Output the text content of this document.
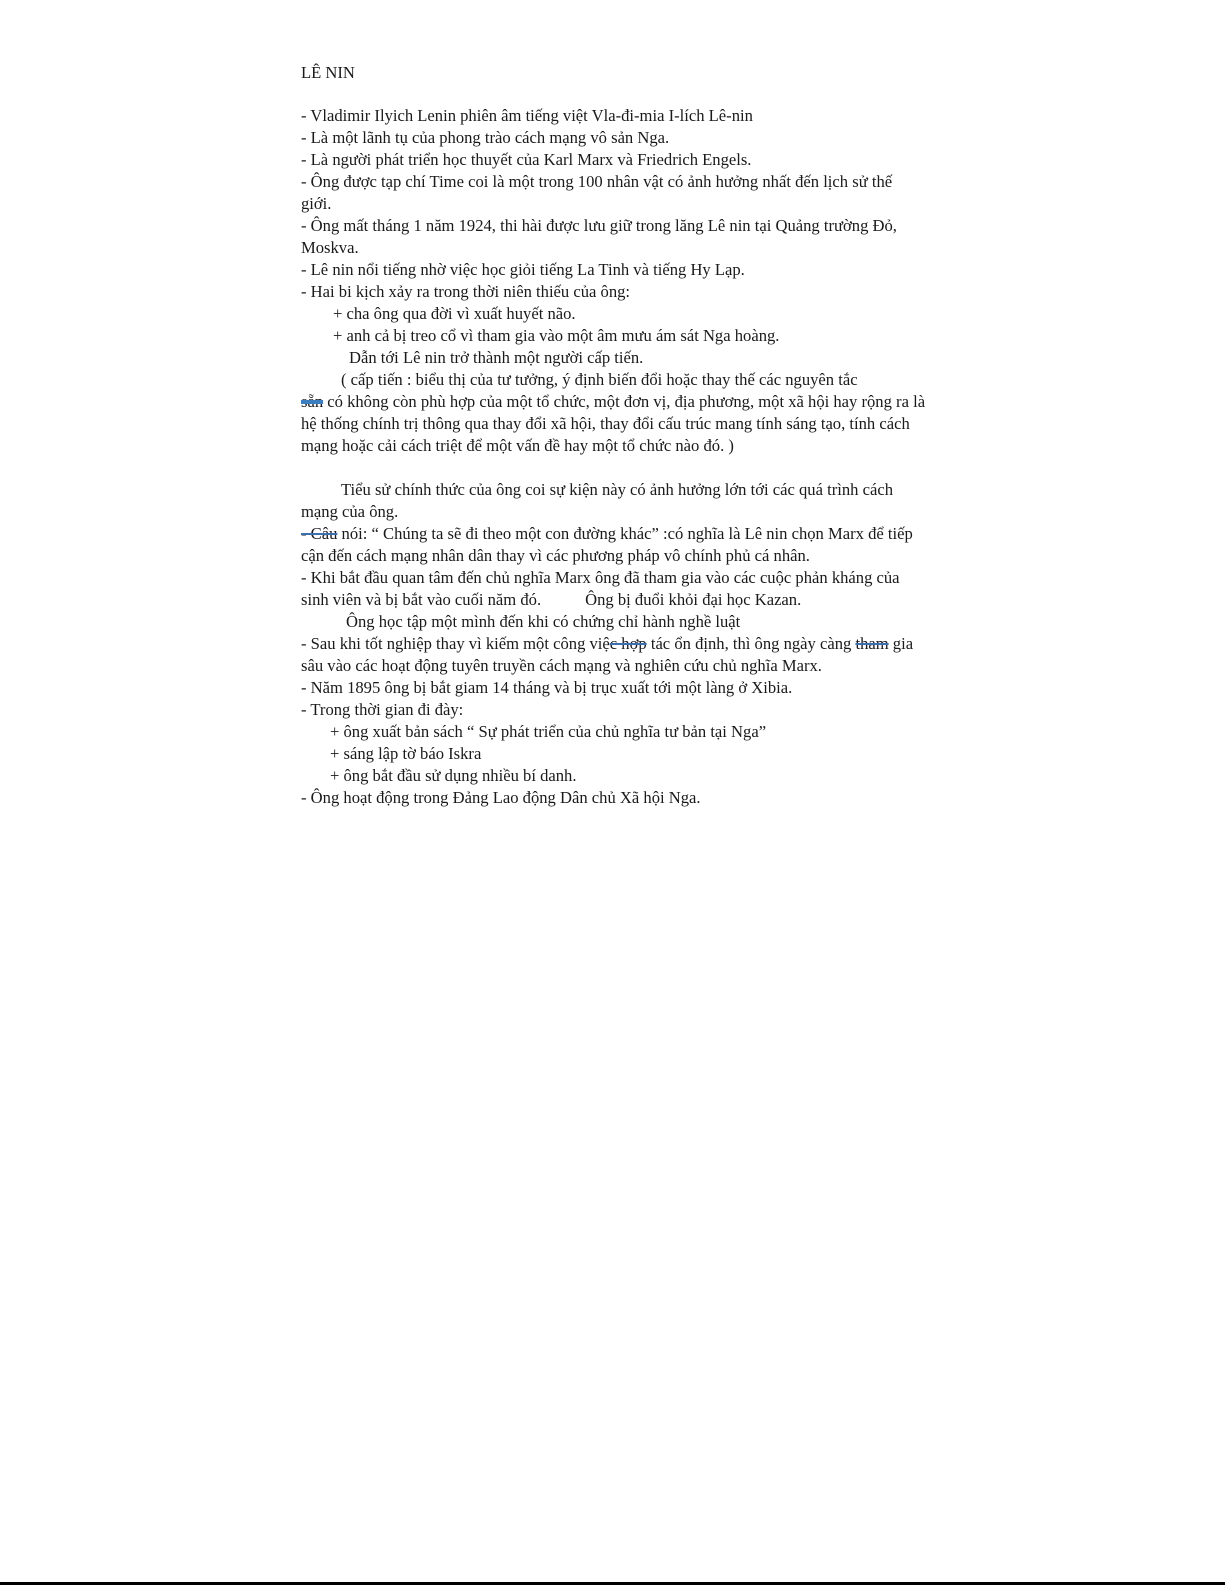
LÊ NIN

- Vladimir Ilyich Lenin phiên âm tiếng việt Vla-đi-mia I-lích Lê-nin

- Là một lãnh tụ của phong trào cách mạng vô sản Nga.

- Là người phát triển học thuyết của Karl Marx và Friedrich Engels.

- Ông được tạp chí Time coi là một trong 100 nhân vật có ảnh hưởng nhất đến lịch sử thế giới.

- Ông mất tháng 1 năm 1924, thi hài được lưu giữ trong lăng Lê nin tại Quảng trường Đỏ, Moskva.

- Lê nin nổi tiếng nhờ việc học giỏi tiếng La Tinh và tiếng Hy Lạp.

- Hai bi kịch xảy ra trong thời niên thiếu của ông:

+ cha ông qua đời vì xuất huyết não.

+ anh cả bị treo cổ vì tham gia vào một âm mưu ám sát Nga hoàng.

Dẫn tới Lê nin trở thành một người cấp tiến.

( cấp tiến : biểu thị của tư tưởng, ý định biến đổi hoặc thay thế các nguyên tắc

sẵn có không còn phù hợp của một tổ chức, một đơn vị, địa phương, một xã hội hay rộng ra là hệ thống chính trị thông qua thay đổi xã hội, thay đổi cấu trúc mang tính sáng tạo, tính cách mạng hoặc cải cách triệt để một vấn đề hay một tổ chức nào đó. )

Tiểu sử chính thức của ông coi sự kiện này có ảnh hưởng lớn tới các quá trình cách mạng của ông.

- Câu nói: “ Chúng ta sẽ đi theo một con đường khác” :có nghĩa là Lê nin chọn Marx để tiếp cận đến cách mạng nhân dân thay vì các phương pháp vô chính phủ cá nhân.

- Khi bắt đầu quan tâm đến chủ nghĩa Marx ông đã tham gia vào các cuộc phản kháng của sinh viên và bị bắt vào cuối năm đó.	Ông bị đuổi khỏi đại học Kazan.

Ông học tập một mình đến khi có chứng chỉ hành nghề luật

- Sau khi tốt nghiệp thay vì kiếm một công việc hợp tác ổn định, thì ông ngày càng tham gia sâu vào các hoạt động tuyên truyền cách mạng và nghiên cứu chủ nghĩa Marx.

- Năm 1895 ông bị bắt giam 14 tháng và bị trục xuất tới một làng ở Xibia.

- Trong thời gian đi đày:

+ ông xuất bản sách “ Sự phát triển của chủ nghĩa tư bản tại Nga”

+ sáng lập tờ báo Iskra

+ ông bắt đầu sử dụng nhiều bí danh.

- Ông hoạt động trong Đảng Lao động Dân chủ Xã hội Nga.
